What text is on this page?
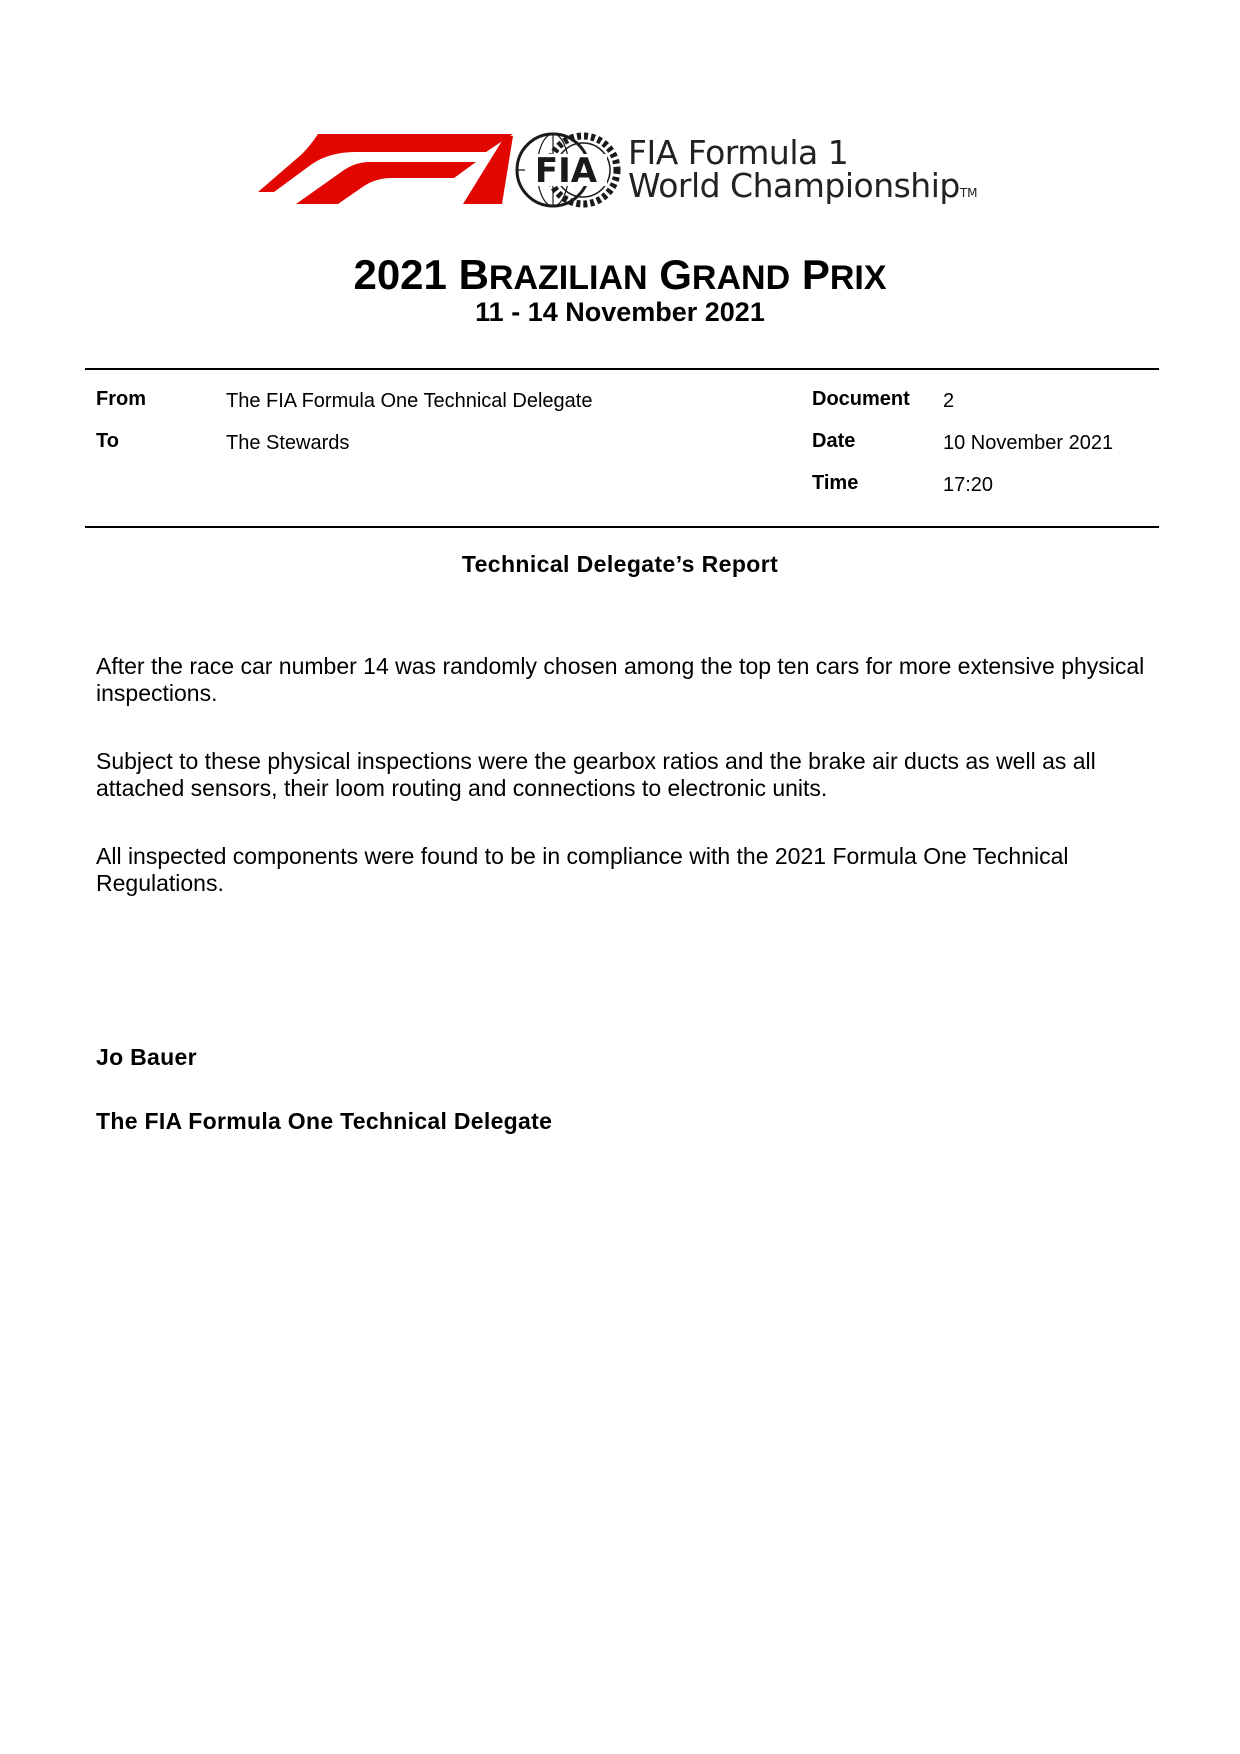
FIA FIA Formula 1
World ChampionshipTM
2021 BRAZILIAN GRAND PRIX
11 - 14 November 2021
From	The FIA Formula One Technical Delegate
To	The Stewards
Document 2
Date	10 November 2021
Time	17:20
Technical Delegate’s Report

After the race car number 14 was randomly chosen among the top ten cars for more extensive physical inspections.

Subject to these physical inspections were the gearbox ratios and the brake air ducts as well as all attached sensors, their loom routing and connections to electronic units.

All inspected components were found to be in compliance with the 2021 Formula One Technical Regulations.

Jo Bauer
The FIA Formula One Technical Delegate
